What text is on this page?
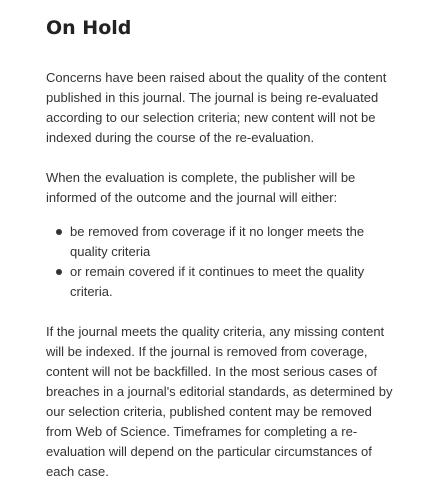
On Hold

Concerns have been raised about the quality of the content published in this journal. The journal is being re-evaluated according to our selection criteria; new content will not be indexed during the course of the re-evaluation.

When the evaluation is complete, the publisher will be informed of the outcome and the journal will either:

be removed from coverage if it no longer meets the quality criteria
or remain covered if it continues to meet the quality criteria.

If the journal meets the quality criteria, any missing content will be indexed. If the journal is removed from coverage, content will not be backfilled. In the most serious cases of breaches in a journal's editorial standards, as determined by our selection criteria, published content may be removed from Web of Science. Timeframes for completing a re-evaluation will depend on the particular circumstances of each case.
